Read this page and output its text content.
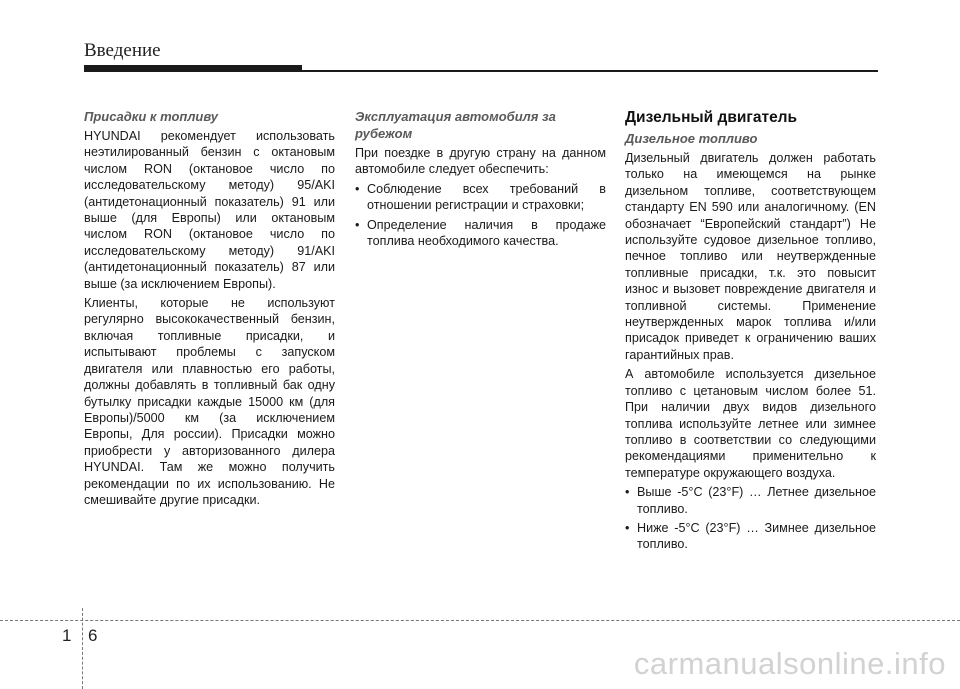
Введение
Присадки к топливу

HYUNDAI рекомендует использовать неэтилированный бензин с октановым числом RON (октановое число по исследовательскому методу) 95/AKI (антидетонационный показатель) 91 или выше (для Европы) или октановым числом RON (октановое число по исследовательскому методу) 91/AKI (антидетонационный показатель) 87 или выше (за исключением Европы).

Клиенты, которые не используют регулярно высококачественный бензин, включая топливные присадки, и испытывают проблемы с запуском двигателя или плавностью его работы, должны добавлять в топливный бак одну бутылку присадки каждые 15000 км (для Европы)/5000 км (за исключением Европы, Для россии). Присадки можно приобрести у авторизованного дилера HYUNDAI. Там же можно получить рекомендации по их использованию. Не смешивайте другие присадки.

Эксплуатация автомобиля за рубежом

При поездке в другую страну на данном автомобиле следует обеспечить:

• Соблюдение всех требований в отношении регистрации и страховки;
• Определение наличия в продаже топлива необходимого качества.
Дизельный двигатель
Дизельное топливо

Дизельный двигатель должен работать только на имеющемся на рынке дизельном топливе, соответствующем стандарту EN 590 или аналогичному. (EN обозначает “Европейский стандарт”) Не используйте судовое дизельное топливо, печное топливо или неутвержденные топливные присадки, т.к. это повысит износ и вызовет повреждение двигателя и топливной системы. Применение неутвержденных марок топлива и/или присадок приведет к ограничению ваших гарантийных прав.

А автомобиле используется дизельное топливо с цетановым числом более 51. При наличии двух видов дизельного топлива используйте летнее или зимнее топливо в соответствии со следующими рекомендациями применительно к температуре окружающего воздуха.

• Выше -5°C (23°F) … Летнее дизельное топливо.
• Ниже -5°C (23°F) … Зимнее дизельное топливо.
1 6
carmanualsonline.info
